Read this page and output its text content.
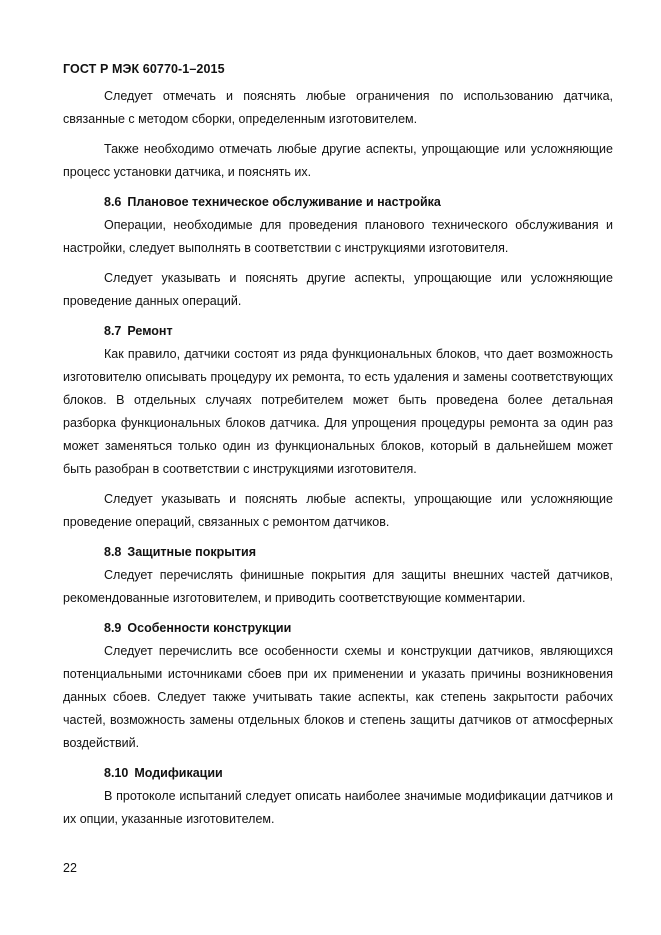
ГОСТ Р МЭК 60770-1–2015

Следует отмечать и пояснять любые ограничения по использованию датчика, связанные с методом сборки, определенным изготовителем.

Также необходимо отмечать любые другие аспекты, упрощающие или усложняющие процесс установки датчика, и пояснять их.

8.6 Плановое техническое обслуживание и настройка

Операции, необходимые для проведения планового технического обслуживания и настройки, следует выполнять в соответствии с инструкциями изготовителя.

Следует указывать и пояснять другие аспекты, упрощающие или усложняющие проведение данных операций.

8.7 Ремонт

Как правило, датчики состоят из ряда функциональных блоков, что дает возможность изготовителю описывать процедуру их ремонта, то есть удаления и замены соответствующих блоков. В отдельных случаях потребителем может быть проведена более детальная разборка функциональных блоков датчика. Для упрощения процедуры ремонта за один раз может заменяться только один из функциональных блоков, который в дальнейшем может быть разобран в соответствии с инструкциями изготовителя.

Следует указывать и пояснять любые аспекты, упрощающие или усложняющие проведение операций, связанных с ремонтом датчиков.

8.8 Защитные покрытия

Следует перечислять финишные покрытия для защиты внешних частей датчиков, рекомендованные изготовителем, и приводить соответствующие комментарии.

8.9 Особенности конструкции

Следует перечислить все особенности схемы и конструкции датчиков, являющихся потенциальными источниками сбоев при их применении и указать причины возникновения данных сбоев. Следует также учитывать такие аспекты, как степень закрытости рабочих частей, возможность замены отдельных блоков и степень защиты датчиков от атмосферных воздействий.

8.10 Модификации

В протоколе испытаний следует описать наиболее значимые модификации датчиков и их опции, указанные изготовителем.

22
